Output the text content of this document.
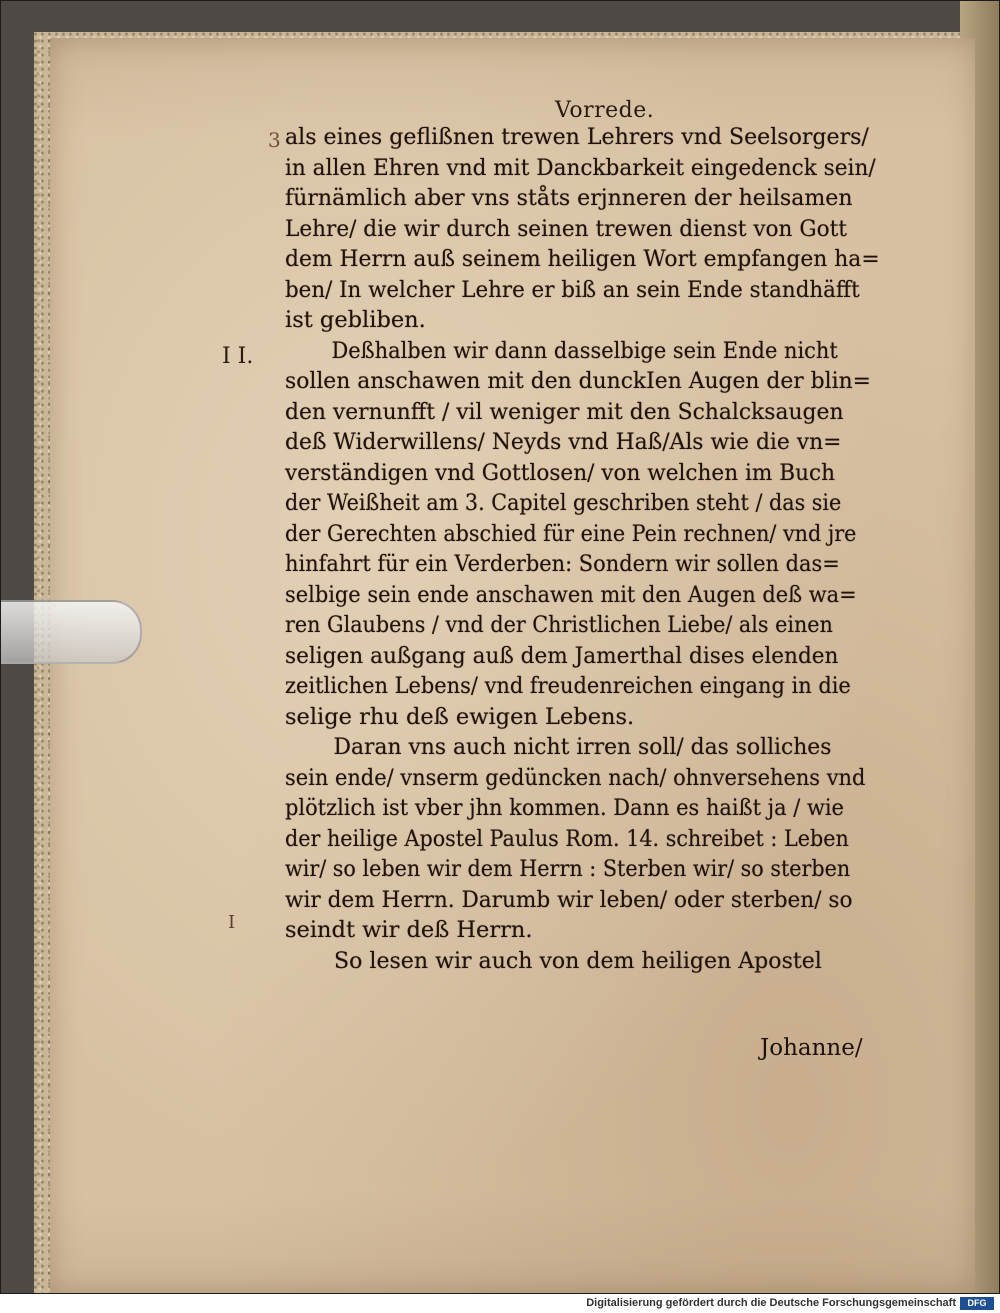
Vorrede.
3
I I.
I
als eines geflißnen trewen Lehrers vnd Seelsorgers/
in allen Ehren vnd mit Danckbarkeit eingedenck sein/
fürnämlich aber vns ståts erjnneren der heilsamen
Lehre/ die wir durch seinen trewen dienst von Gott
dem Herrn auß seinem heiligen Wort empfangen ha=
ben/ In welcher Lehre er biß an sein Ende standhäfft
ist gebliben.
Deßhalben wir dann dasselbige sein Ende nicht
sollen anschawen mit den dunckIen Augen der blin=
den vernunfft / vil weniger mit den Schalcksaugen
deß Widerwillens/ Neyds vnd Haß/Als wie die vn=
verständigen vnd Gottlosen/ von welchen im Buch
der Weißheit am 3. Capitel geschriben steht / das sie
der Gerechten abschied für eine Pein rechnen/ vnd jre
hinfahrt für ein Verderben: Sondern wir sollen das=
selbige sein ende anschawen mit den Augen deß wa=
ren Glaubens / vnd der Christlichen Liebe/ als einen
seligen außgang auß dem Jamerthal dises elenden
zeitlichen Lebens/ vnd freudenreichen eingang in die
selige rhu deß ewigen Lebens.
Daran vns auch nicht irren soll/ das solliches
sein ende/ vnserm gedüncken nach/ ohnversehens vnd
plötzlich ist vber jhn kommen. Dann es haißt ja / wie
der heilige Apostel Paulus Rom. 14. schreibet : Leben
wir/ so leben wir dem Herrn : Sterben wir/ so sterben
wir dem Herrn. Darumb wir leben/ oder sterben/ so
seindt wir deß Herrn.
So lesen wir auch von dem heiligen Apostel
Johanne/
Digitalisierung gefördert durch die Deutsche Forschungsgemeinschaft	DFG
